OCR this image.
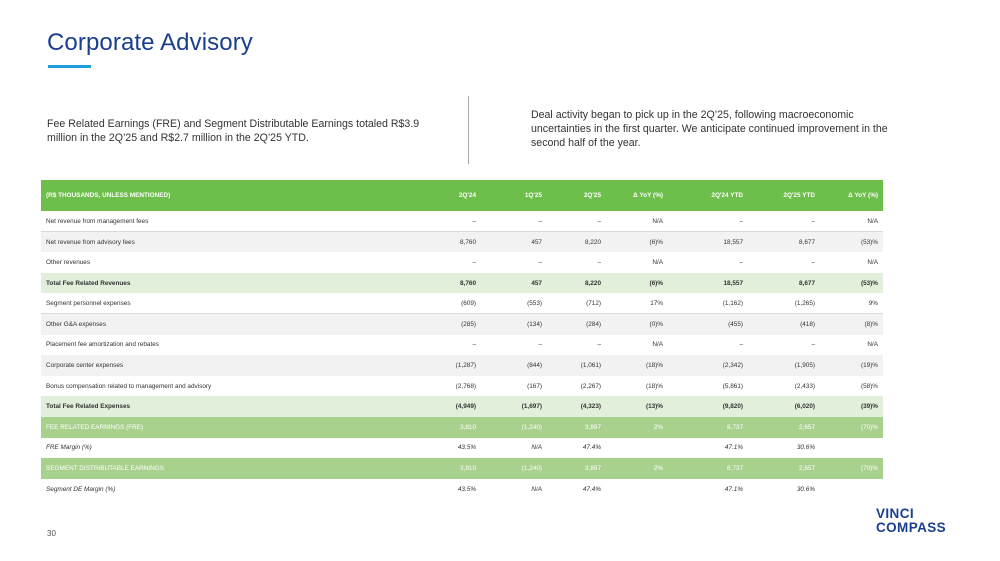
Corporate Advisory
Fee Related Earnings (FRE) and Segment Distributable Earnings totaled R$3.9 million in the 2Q’25 and R$2.7 million in the 2Q’25 YTD.
Deal activity began to pick up in the 2Q’25, following macroeconomic uncertainties in the first quarter. We anticipate continued improvement in the second half of the year.
(R$ THOUSANDS, UNLESS MENTIONED)	2Q'24	1Q'25	2Q'25	Δ YoY (%)	2Q'24 YTD	2Q'25 YTD	Δ YoY (%)
Net revenue from management fees	–	–	–	N/A	–	–	N/A
Net revenue from advisory fees	8,760	457	8,220	(6)%	18,557	8,677	(53)%
Other revenues	–	–	–	N/A	–	–	N/A
Total Fee Related Revenues	8,760	457	8,220	(6)%	18,557	8,677	(53)%
Segment personnel expenses	(609)	(553)	(712)	17%	(1,162)	(1,265)	9%
Other G&A expenses	(285)	(134)	(284)	(0)%	(455)	(418)	(8)%
Placement fee amortization and rebates	–	–	–	N/A	–	–	N/A
Corporate center expenses	(1,287)	(844)	(1,061)	(18)%	(2,342)	(1,905)	(19)%
Bonus compensation related to management and advisory	(2,768)	(167)	(2,267)	(18)%	(5,861)	(2,433)	(58)%
Total Fee Related Expenses	(4,949)	(1,697)	(4,323)	(13)%	(9,820)	(6,020)	(39)%
FEE RELATED EARNINGS (FRE)	3,810	(1,240)	3,897	2%	8,737	2,657	(70)%
FRE Margin (%)	43.5%	N/A	47.4%		47.1%	30.6%	
SEGMENT DISTRIBUTABLE EARNINGS	3,810	(1,240)	3,897	2%	8,737	2,657	(70)%
Segment DE Margin (%)	43.5%	N/A	47.4%		47.1%	30.6%	
30
VINCI
COMPASS
